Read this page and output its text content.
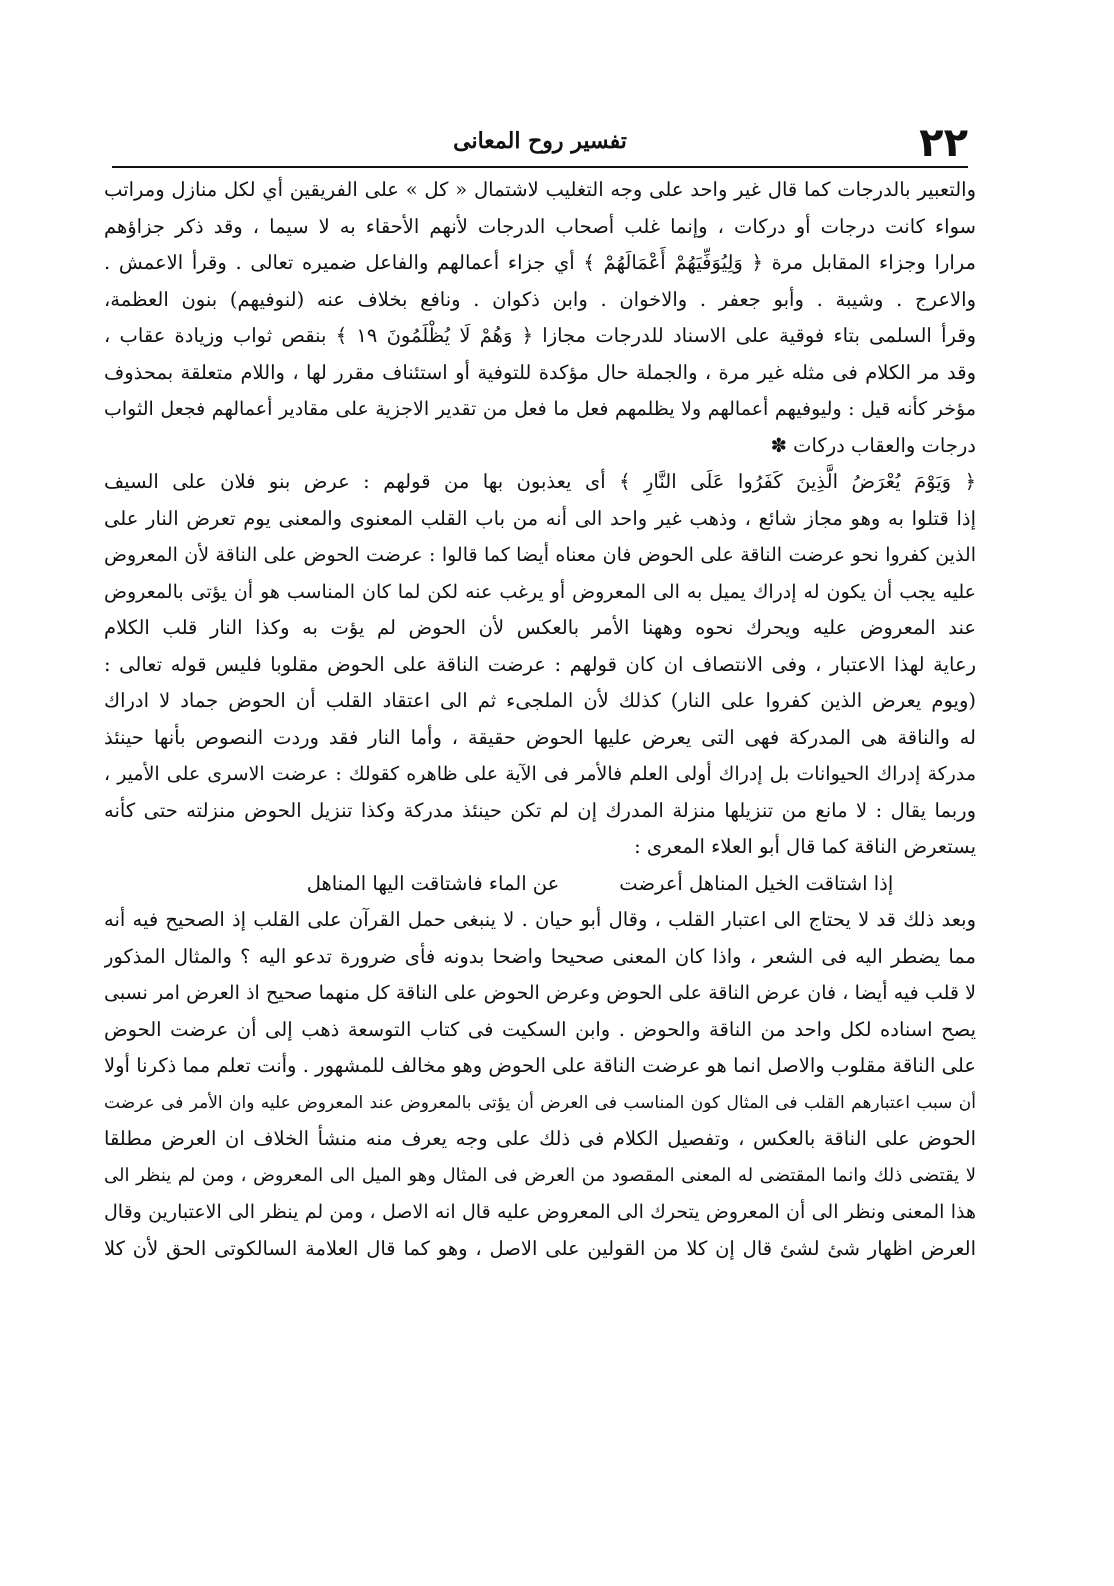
٢٢
تفسير روح المعانى
والتعبير بالدرجات كما قال غير واحد على وجه التغليب لاشتمال « كل » على الفريقين أي لكل منازل ومراتب
سواء كانت درجات أو دركات ، وإنما غلب أصحاب الدرجات لأنهم الأحقاء به لا سيما ، وقد ذكر جزاؤهم
مرارا وجزاء المقابل مرة ﴿ وَلِيُوَفِّيَهُمْ أَعْمَالَهُمْ ﴾ أي جزاء أعمالهم والفاعل ضميره تعالى . وقرأ الاعمش .
والاعرج . وشيبة . وأبو جعفر . والاخوان . وابن ذكوان . ونافع بخلاف عنه (لنوفيهم) بنون العظمة،
وقرأ السلمى بتاء فوقية على الاسناد للدرجات مجازا ﴿ وَهُمْ لَا يُظْلَمُونَ ١٩ ﴾ بنقص ثواب وزيادة عقاب ،
وقد مر الكلام فى مثله غير مرة ، والجملة حال مؤكدة للتوفية أو استئناف مقرر لها ، واللام متعلقة بمحذوف
مؤخر كأنه قيل : وليوفيهم أعمالهم ولا يظلمهم فعل ما فعل من تقدير الاجزية على مقادير أعمالهم فجعل الثواب
درجات والعقاب دركات ✽
﴿ وَيَوْمَ يُعْرَضُ الَّذِينَ كَفَرُوا عَلَى النَّارِ ﴾ أى يعذبون بها من قولهم : عرض بنو فلان على السيف
إذا قتلوا به وهو مجاز شائع ، وذهب غير واحد الى أنه من باب القلب المعنوى والمعنى يوم تعرض النار على
الذين كفروا نحو عرضت الناقة على الحوض فان معناه أيضا كما قالوا : عرضت الحوض على الناقة لأن المعروض
عليه يجب أن يكون له إدراك يميل به الى المعروض أو يرغب عنه لكن لما كان المناسب هو أن يؤتى بالمعروض
عند المعروض عليه ويحرك نحوه وههنا الأمر بالعكس لأن الحوض لم يؤت به وكذا النار قلب الكلام
رعاية لهذا الاعتبار ، وفى الانتصاف ان كان قولهم : عرضت الناقة على الحوض مقلوبا فليس قوله تعالى :
(ويوم يعرض الذين كفروا على النار) كذلك لأن الملجىء ثم الى اعتقاد القلب أن الحوض جماد لا ادراك
له والناقة هى المدركة فهى التى يعرض عليها الحوض حقيقة ، وأما النار فقد وردت النصوص بأنها حينئذ
مدركة إدراك الحيوانات بل إدراك أولى العلم فالأمر فى الآية على ظاهره كقولك : عرضت الاسرى على الأمير ،
وربما يقال : لا مانع من تنزيلها منزلة المدرك إن لم تكن حينئذ مدركة وكذا تنزيل الحوض منزلته حتى كأنه
يستعرض الناقة كما قال أبو العلاء المعرى :
إذا اشتاقت الخيل المناهل أعرضتعن الماء فاشتاقت اليها المناهل
وبعد ذلك قد لا يحتاج الى اعتبار القلب ، وقال أبو حيان . لا ينبغى حمل القرآن على القلب إذ الصحيح فيه أنه
مما يضطر اليه فى الشعر ، واذا كان المعنى صحيحا واضحا بدونه فأى ضرورة تدعو اليه ؟ والمثال المذكور
لا قلب فيه أيضا ، فان عرض الناقة على الحوض وعرض الحوض على الناقة كل منهما صحيح اذ العرض امر نسبى
يصح اسناده لكل واحد من الناقة والحوض . وابن السكيت فى كتاب التوسعة ذهب إلى أن عرضت الحوض
على الناقة مقلوب والاصل انما هو عرضت الناقة على الحوض وهو مخالف للمشهور . وأنت تعلم مما ذكرنا أولا
أن سبب اعتبارهم القلب فى المثال كون المناسب فى العرض أن يؤتى بالمعروض عند المعروض عليه وان الأمر فى عرضت
الحوض على الناقة بالعكس ، وتفصيل الكلام فى ذلك على وجه يعرف منه منشأ الخلاف ان العرض مطلقا
لا يقتضى ذلك وانما المقتضى له المعنى المقصود من العرض فى المثال وهو الميل الى المعروض ، ومن لم ينظر الى
هذا المعنى ونظر الى أن المعروض يتحرك الى المعروض عليه قال انه الاصل ، ومن لم ينظر الى الاعتبارين وقال
العرض اظهار شئ لشئ قال إن كلا من القولين على الاصل ، وهو كما قال العلامة السالكوتى الحق لأن كلا
